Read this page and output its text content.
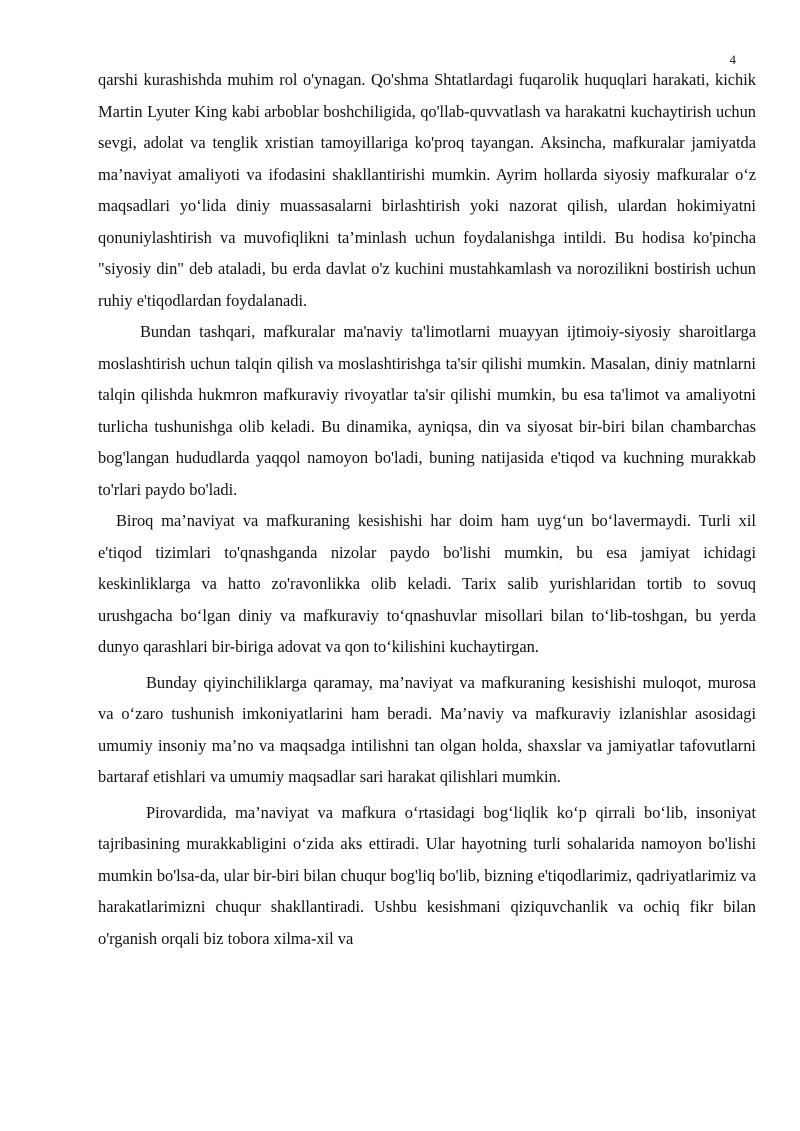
4

qarshi kurashishda muhim rol o'ynagan. Qo'shma Shtatlardagi fuqarolik huquqlari harakati, kichik Martin Lyuter King kabi arboblar boshchiligida, qo'llab-quvvatlash va harakatni kuchaytirish uchun sevgi, adolat va tenglik xristian tamoyillariga ko'proq tayangan. Aksincha, mafkuralar jamiyatda ma’naviyat amaliyoti va ifodasini shakllantirishi mumkin. Ayrim hollarda siyosiy mafkuralar o‘z maqsadlari yo‘lida diniy muassasalarni birlashtirish yoki nazorat qilish, ulardan hokimiyatni qonuniylashtirish va muvofiqlikni ta’minlash uchun foydalanishga intildi. Bu hodisa ko'pincha "siyosiy din" deb ataladi, bu erda davlat o'z kuchini mustahkamlash va norozilikni bostirish uchun ruhiy e'tiqodlardan foydalanadi.

Bundan tashqari, mafkuralar ma'naviy ta'limotlarni muayyan ijtimoiy-siyosiy sharoitlarga moslashtirish uchun talqin qilish va moslashtirishga ta'sir qilishi mumkin. Masalan, diniy matnlarni talqin qilishda hukmron mafkuraviy rivoyatlar ta'sir qilishi mumkin, bu esa ta'limot va amaliyotni turlicha tushunishga olib keladi. Bu dinamika, ayniqsa, din va siyosat bir-biri bilan chambarchas bog'langan hududlarda yaqqol namoyon bo'ladi, buning natijasida e'tiqod va kuchning murakkab to'rlari paydo bo'ladi.

Biroq ma’naviyat va mafkuraning kesishishi har doim ham uyg‘un bo‘lavermaydi. Turli xil e'tiqod tizimlari to'qnashganda nizolar paydo bo'lishi mumkin, bu esa jamiyat ichidagi keskinliklarga va hatto zo'ravonlikka olib keladi. Tarix salib yurishlaridan tortib to sovuq urushgacha bo‘lgan diniy va mafkuraviy to‘qnashuvlar misollari bilan to‘lib-toshgan, bu yerda dunyo qarashlari bir-biriga adovat va qon to‘kilishini kuchaytirgan.

Bunday qiyinchiliklarga qaramay, ma’naviyat va mafkuraning kesishishi muloqot, murosa va o‘zaro tushunish imkoniyatlarini ham beradi. Ma’naviy va mafkuraviy izlanishlar asosidagi umumiy insoniy ma’no va maqsadga intilishni tan olgan holda, shaxslar va jamiyatlar tafovutlarni bartaraf etishlari va umumiy maqsadlar sari harakat qilishlari mumkin.

Pirovardida, ma’naviyat va mafkura o‘rtasidagi bog‘liqlik ko‘p qirrali bo‘lib, insoniyat tajribasining murakkabligini o‘zida aks ettiradi. Ular hayotning turli sohalarida namoyon bo'lishi mumkin bo'lsa-da, ular bir-biri bilan chuqur bog'liq bo'lib, bizning e'tiqodlarimiz, qadriyatlarimiz va harakatlarimizni chuqur shakllantiradi. Ushbu kesishmani qiziquvchanlik va ochiq fikr bilan o'rganish orqali biz tobora xilma-xil va
